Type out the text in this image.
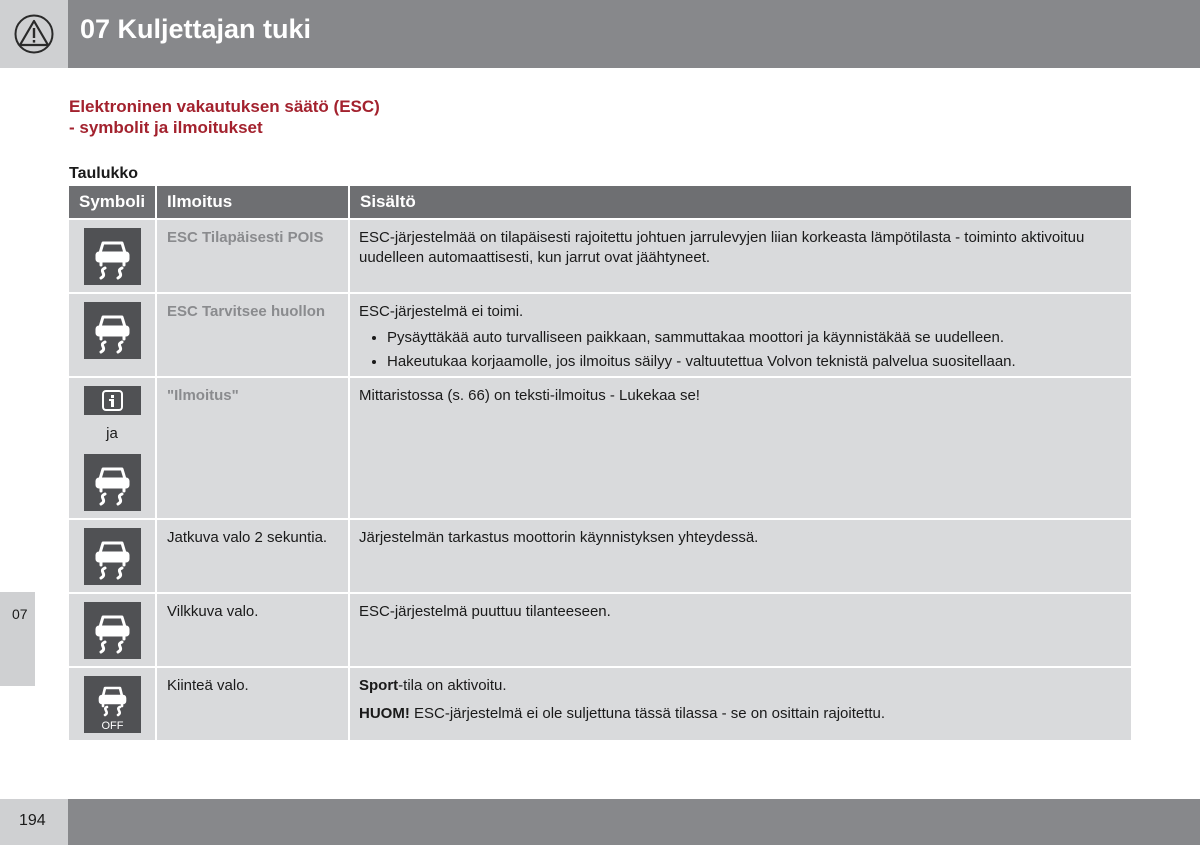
07 Kuljettajan tuki
Elektroninen vakautuksen säätö (ESC)
- symbolit ja ilmoitukset
Taulukko
Symboli	Ilmoitus	Sisältö
ESC Tilapäisesti POIS	ESC-järjestelmää on tilapäisesti rajoitettu johtuen jarrulevyjen liian korkeasta lämpötilasta - toiminto aktivoituu uudelleen automaattisesti, kun jarrut ovat jäähtyneet.
ESC Tarvitsee huollon	ESC-järjestelmä ei toimi.
• Pysäyttäkää auto turvalliseen paikkaan, sammuttakaa moottori ja käynnistäkää se uudelleen.
• Hakeutukaa korjaamolle, jos ilmoitus säilyy - valtuutettua Volvon teknistä palvelua suositellaan.
ja
"Ilmoitus"	Mittaristossa (s. 66) on teksti-ilmoitus - Lukekaa se!
Jatkuva valo 2 sekuntia.	Järjestelmän tarkastus moottorin käynnistyksen yhteydessä.
Vilkkuva valo.	ESC-järjestelmä puuttuu tilanteeseen.
OFF
Kiinteä valo.	Sport-tila on aktivoitu.
HUOM! ESC-järjestelmä ei ole suljettuna tässä tilassa - se on osittain rajoitettu.
07
194
